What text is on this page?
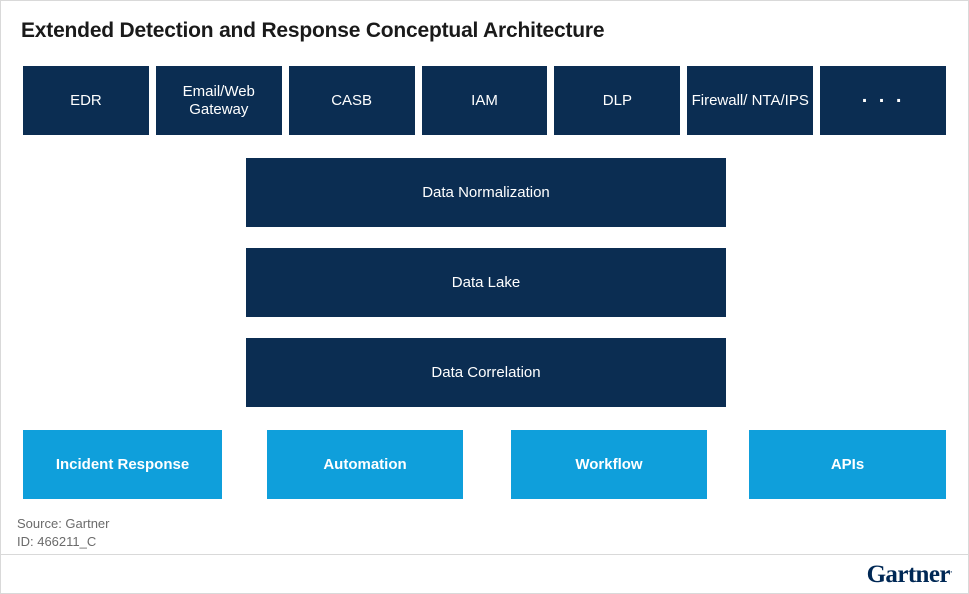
Extended Detection and Response Conceptual Architecture
EDR
Email/Web Gateway
CASB	IAM	DLP	Firewall/ NTA/IPS	. . .
Data Normalization
Data Lake
Data Correlation
Incident Response	Automation	Workflow	APIs
Source: Gartner
ID: 466211_C
Gartner.
